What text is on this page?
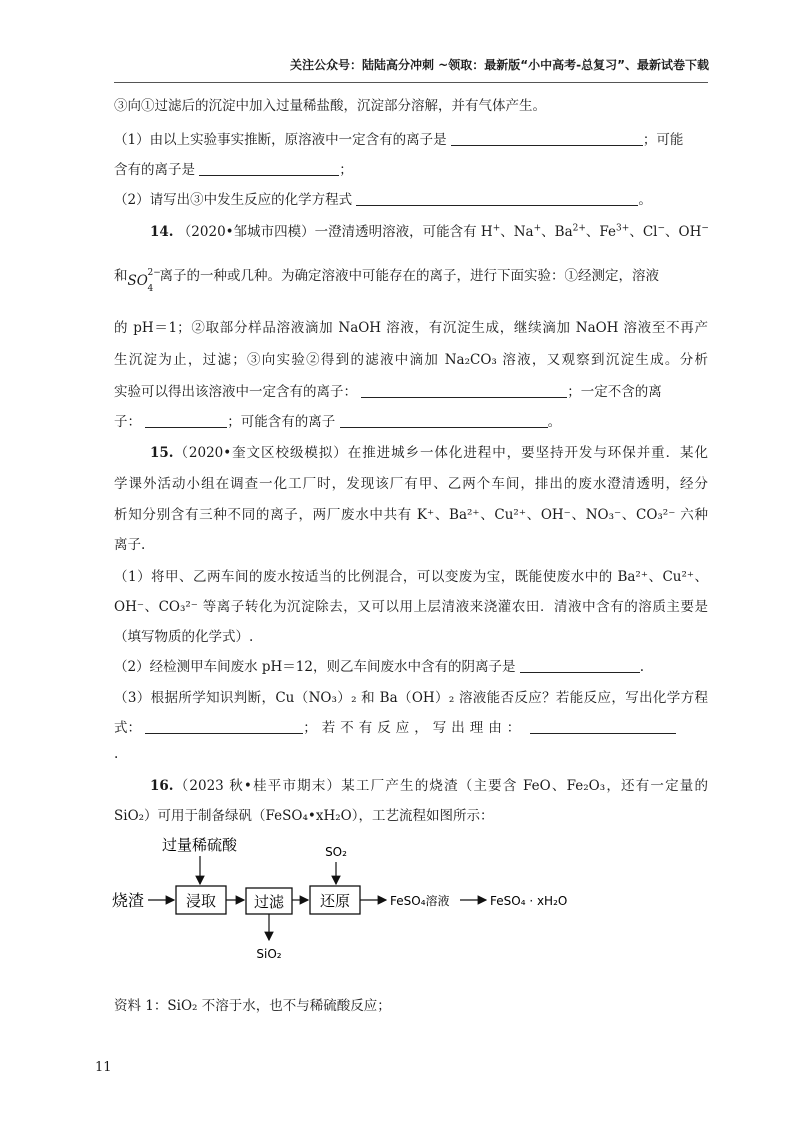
关注公众号：陆陆高分冲刺 ~领取：最新版“小中高考-总复习”、最新试卷下载
③向①过滤后的沉淀中加入过量稀盐酸，沉淀部分溶解，并有气体产生。
（1）由以上实验事实推断，原溶液中一定含有的离子是	；可能
含有的离子是	；
（2）请写出③中发生反应的化学方程式	。
14. （2020•邹城市四模）一澄清透明溶液，可能含有 H+、Na+、$Ba^{2+}$、$Fe^{3+}$、Cl−、OH−
和 SO 4
2−
离子的一种或几种。为确定溶液中可能存在的离子，进行下面实验：①经测定，溶液
的 pH＝1；②取部分样品溶液滴加 NaOH 溶液，有沉淀生成，继续滴加 NaOH 溶液至不再产
生沉淀为止，过滤；③向实验②得到的滤液中滴加 Na₂CO₃ 溶液，又观察到沉淀生成。分析
实验可以得出该溶液中一定含有的离子：	；一定不含的离
子：	；可能含有的离子	。
15.（2020•奎文区校级模拟）在推进城乡一体化进程中，要坚持开发与环保并重．某化
学课外活动小组在调查一化工厂时，发现该厂有甲、乙两个车间，排出的废水澄清透明，经分
析知分别含有三种不同的离子，两厂废水中共有 K⁺、Ba²⁺、Cu²⁺、OH⁻、NO₃⁻、CO₃²⁻ 六种
离子.
（1）将甲、乙两车间的废水按适当的比例混合，可以变废为宝，既能使废水中的 Ba²⁺、Cu²⁺、
OH⁻、CO₃²⁻ 等离子转化为沉淀除去，又可以用上层清液来浇灌农田．清液中含有的溶质主要是
（填写物质的化学式）.
（2）经检测甲车间废水 pH＝12，则乙车间废水中含有的阴离子是	.
（3）根据所学知识判断，Cu（NO₃）₂ 和 Ba（OH）₂ 溶液能否反应？若能反应，写出化学方程
式：	；若不有反应，写出理由：
.
16.（2023 秋•桂平市期末）某工厂产生的烧渣（主要含 FeO、Fe₂O₃，还有一定量的
SiO₂）可用于制备绿矾（FeSO₄•xH₂O），工艺流程如图所示：
过量稀硫酸
烧渣	浸取	过滤
SiO₂
SO₂
还原	FeSO₄溶液	FeSO₄ · xH₂O
资料 1：SiO₂ 不溶于水，也不与稀硫酸反应；
11
